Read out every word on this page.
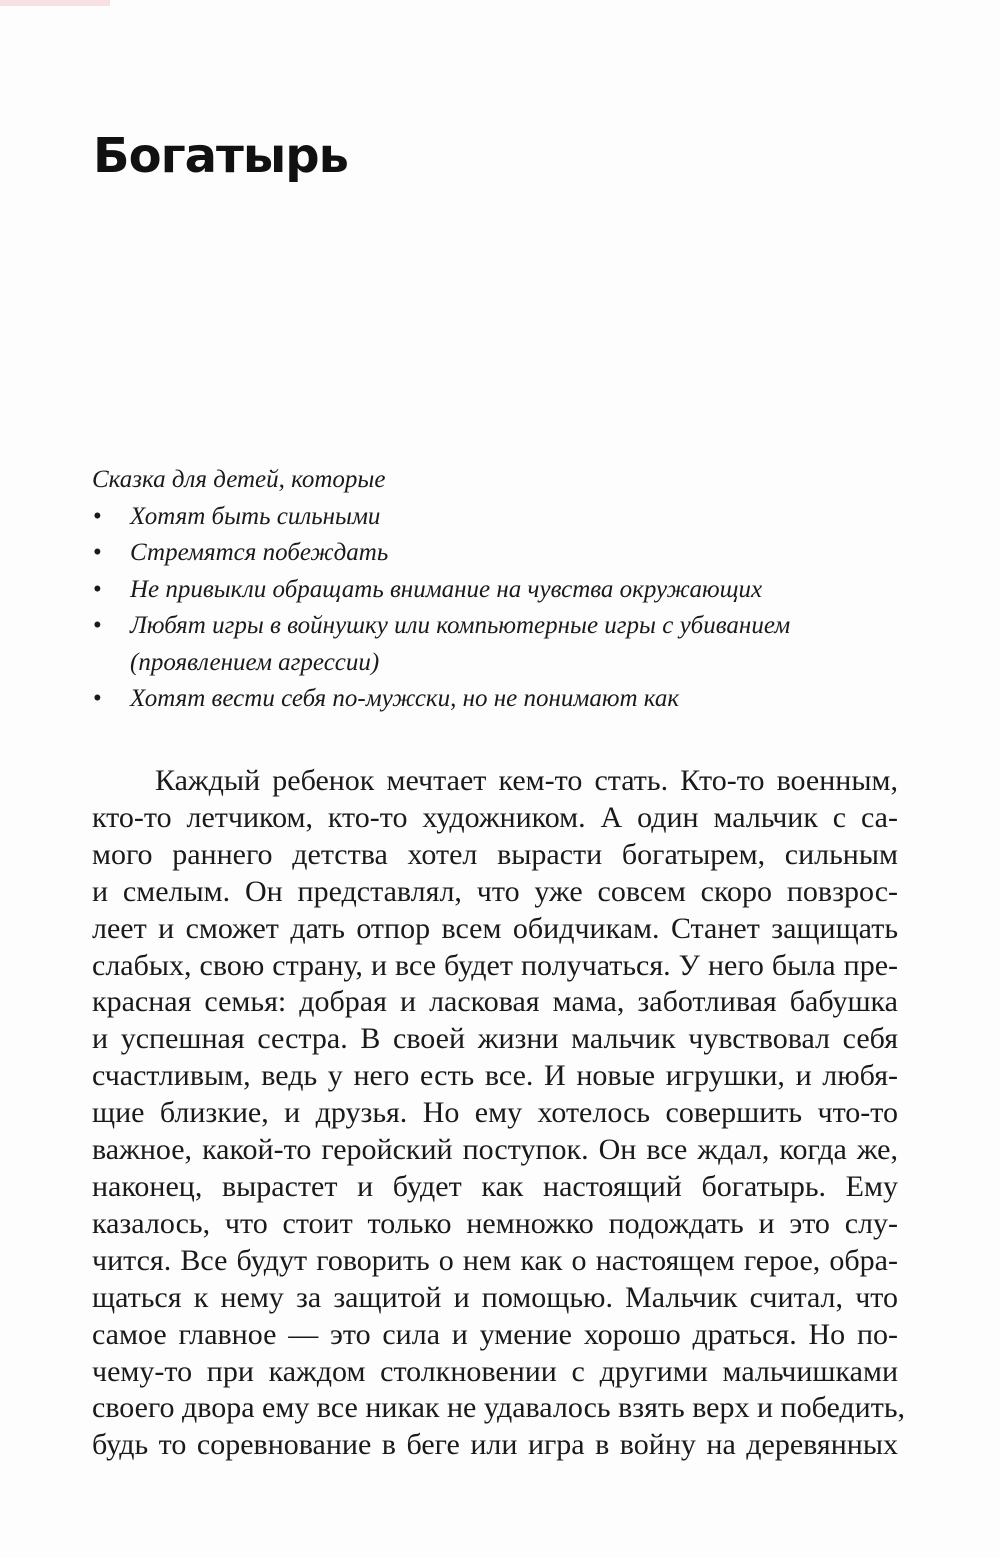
Богатырь

Сказка для детей, которые

• Хотят быть сильными
• Стремятся побеждать
• Не привыкли обращать внимание на чувства окружающих
• Любят игры в войнушку или компьютерные игры с убиванием (проявлением агрессии)
• Хотят вести себя по-мужски, но не понимают как

Каждый ребенок мечтает кем-то стать. Кто-то военным,
кто-то летчиком, кто-то художником. А один мальчик с са-
мого раннего детства хотел вырасти богатырем, сильным
и смелым. Он представлял, что уже совсем скоро повзрос-
леет и сможет дать отпор всем обидчикам. Станет защищать
слабых, свою страну, и все будет получаться. У него была пре-
красная семья: добрая и ласковая мама, заботливая бабушка
и успешная сестра. В своей жизни мальчик чувствовал себя
счастливым, ведь у него есть все. И новые игрушки, и любя-
щие близкие, и друзья. Но ему хотелось совершить что-то
важное, какой-то геройский поступок. Он все ждал, когда же,
наконец, вырастет и будет как настоящий богатырь. Ему
казалось, что стоит только немножко подождать и это слу-
чится. Все будут говорить о нем как о настоящем герое, обра-
щаться к нему за защитой и помощью. Мальчик считал, что
самое главное — это сила и умение хорошо драться. Но по-
чему-то при каждом столкновении с другими мальчишками
своего двора ему все никак не удавалось взять верх и победить,
будь то соревнование в беге или игра в войну на деревянных
